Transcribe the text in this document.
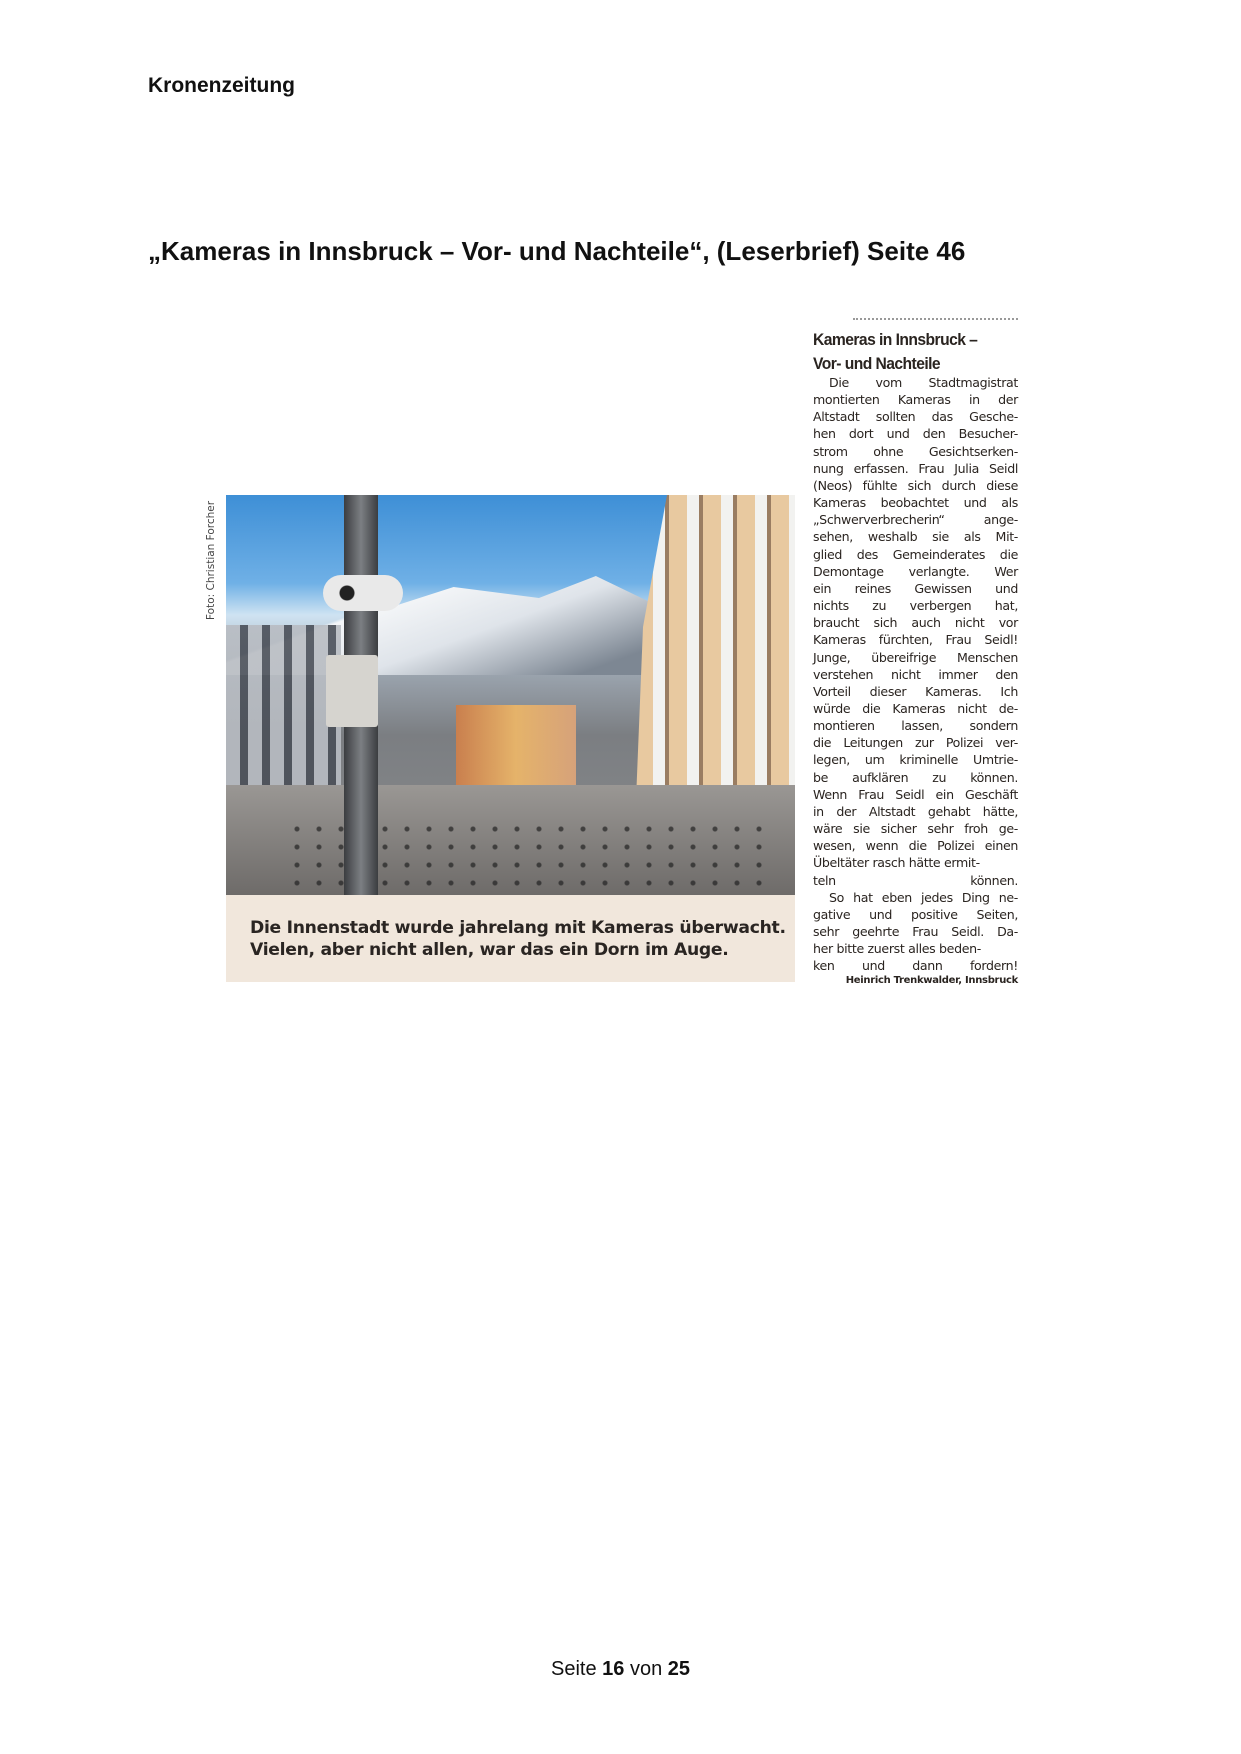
Kronenzeitung
„Kameras in Innsbruck – Vor- und Nachteile“, (Leserbrief) Seite 46
Foto: Christian Forcher
Die Innenstadt wurde jahrelang mit Kameras überwacht.
Vielen, aber nicht allen, war das ein Dorn im Auge.
Kameras in Innsbruck –
Vor- und Nachteile
Die vom Stadtmagistrat
montierten Kameras in der
Altstadt sollten das Gesche-
hen dort und den Besucher-
strom ohne Gesichtserken-
nung erfassen. Frau Julia Seidl
(Neos) fühlte sich durch diese
Kameras beobachtet und als
„Schwerverbrecherin“ ange-
sehen, weshalb sie als Mit-
glied des Gemeinderates die
Demontage verlangte. Wer
ein reines Gewissen und
nichts zu verbergen hat,
braucht sich auch nicht vor
Kameras fürchten, Frau Seidl!
Junge, übereifrige Menschen
verstehen nicht immer den
Vorteil dieser Kameras. Ich
würde die Kameras nicht de-
montieren lassen, sondern
die Leitungen zur Polizei ver-
legen, um kriminelle Umtrie-
be aufklären zu können.
Wenn Frau Seidl ein Geschäft
in der Altstadt gehabt hätte,
wäre sie sicher sehr froh ge-
wesen, wenn die Polizei einen
Übeltäter rasch hätte ermit-
teln können.
So hat eben jedes Ding ne-
gative und positive Seiten,
sehr geehrte Frau Seidl. Da-
her bitte zuerst alles beden-
ken und dann fordern!
Heinrich Trenkwalder, Innsbruck
Seite 16 von 25
